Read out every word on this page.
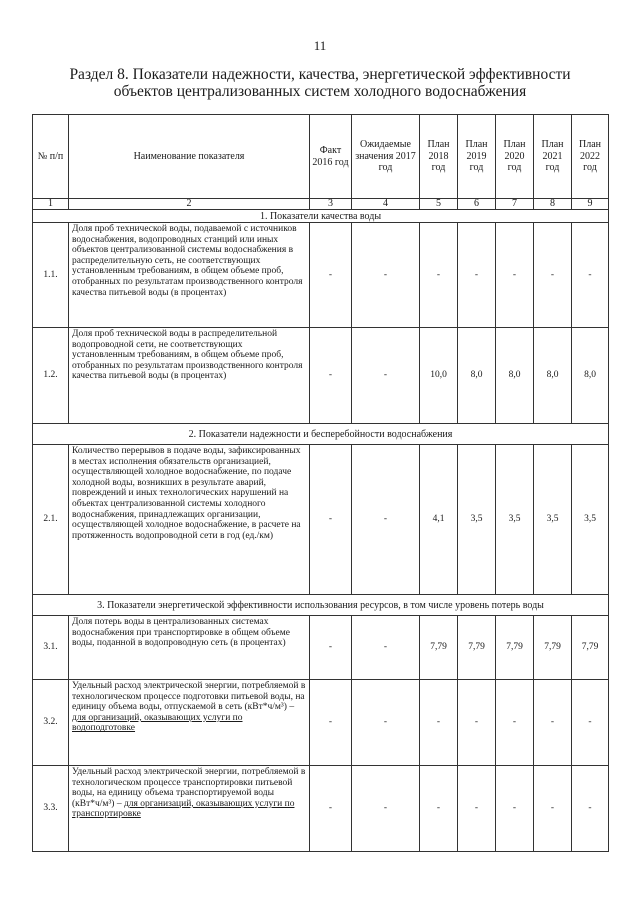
11
Раздел 8. Показатели надежности, качества, энергетической эффективности
объектов централизованных систем холодного водоснабжения
№ п/п	Наименование показателя	Факт 2016 год	Ожидаемые значения 2017 год	План 2018 год	План 2019 год	План 2020 год	План 2021 год	План 2022 год
1	2	3	4	5	6	7	8	9
1. Показатели качества воды								
1.1.	Доля проб технической воды, подаваемой с источников водоснабжения, водопроводных станций или иных объектов централизованной системы водоснабжения в распределительную сеть, не соответствующих установленным требованиям, в общем объеме проб, отобранных по результатам производственного контроля качества питьевой воды (в процентах)	-	-	-	-	-	-	-
1.2.	Доля проб технической воды в распределительной водопроводной сети, не соответствующих установленным требованиям, в общем объеме проб, отобранных по результатам производственного контроля качества питьевой воды (в процентах)	-	-	10,0	8,0	8,0	8,0	8,0
2. Показатели надежности и бесперебойности водоснабжения								
2.1.	Количество перерывов в подаче воды, зафиксированных в местах исполнения обязательств организацией, осуществляющей холодное водоснабжение, по подаче холодной воды, возникших в результате аварий, повреждений и иных технологических нарушений на объектах централизованной системы холодного водоснабжения, принадлежащих организации, осуществляющей холодное водоснабжение, в расчете на протяженность водопроводной сети в год (ед./км)	-	-	4,1	3,5	3,5	3,5	3,5
3. Показатели энергетической эффективности использования ресурсов, в том числе уровень потерь воды								
3.1.	Доля потерь воды в централизованных системах водоснабжения при транспортировке в общем объеме воды, поданной в водопроводную сеть (в процентах)	-	-	7,79	7,79	7,79	7,79	7,79
3.2.	Удельный расход электрической энергии, потребляемой в технологическом процессе подготовки питьевой воды, на единицу объема воды, отпускаемой в сеть (кВт*ч/м³) – для организаций, оказывающих услуги по водоподготовке	-	-	-	-	-	-	-
3.3.	Удельный расход электрической энергии, потребляемой в технологическом процессе транспортировки питьевой воды, на единицу объема транспортируемой воды (кВт*ч/м³) – для организаций, оказывающих услуги по транспортировке	-	-	-	-	-	-	-
